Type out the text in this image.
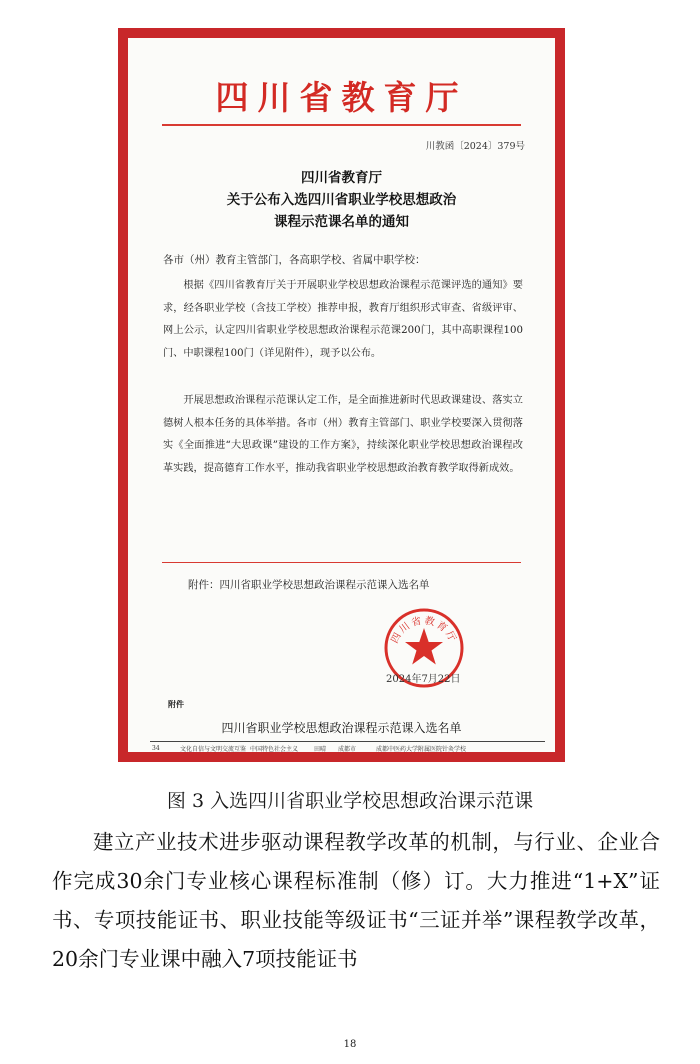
四川省教育厅
川教函〔2024〕379号
四川省教育厅
关于公布入选四川省职业学校思想政治
课程示范课名单的通知
各市（州）教育主管部门，各高职学校、省属中职学校：
根据《四川省教育厅关于开展职业学校思想政治课程示范课评选的通知》要求，经各职业学校（含技工学校）推荐申报，教育厅组织形式审查、省级评审、网上公示，认定四川省职业学校思想政治课程示范课200门，其中高职课程100门、中职课程100门（详见附件），现予以公布。
开展思想政治课程示范课认定工作，是全面推进新时代思政课建设、落实立德树人根本任务的具体举措。各市（州）教育主管部门、职业学校要深入贯彻落实《全面推进“大思政课”建设的工作方案》，持续深化职业学校思想政治课程改革实践，提高德育工作水平，推动我省职业学校思想政治教育教学取得新成效。
附件：四川省职业学校思想政治课程示范课入选名单
四川省教育厅
2024年7月22日
附件
四川省职业学校思想政治课程示范课入选名单
34	文化自信与文明交流互鉴 中国特色社会主义	田晴	成都市	成都中医药大学附属医院针灸学校
图 3 入选四川省职业学校思想政治课示范课
建立产业技术进步驱动课程教学改革的机制，与行业、企业合作完成30余门专业核心课程标准制（修）订。大力推进“1+X”证书、专项技能证书、职业技能等级证书“三证并举”课程教学改革，20余门专业课中融入7项技能证书
18
